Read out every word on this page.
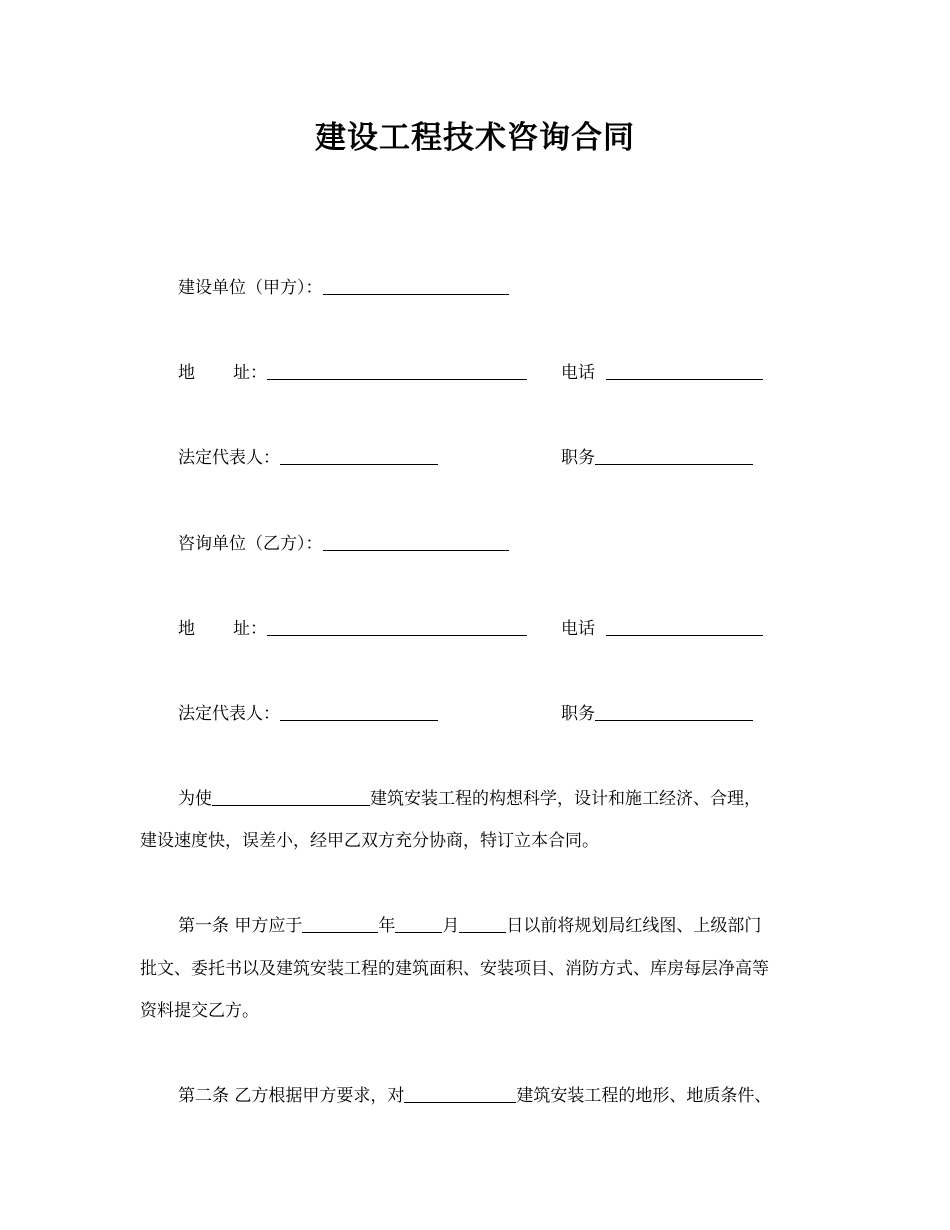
建设工程技术咨询合同
建设单位（甲方）：
地 址：	电话
法定代表人：	职务
咨询单位（乙方）：
地 址：	电话
法定代表人：	职务
为使	建筑安装工程的构想科学，设计和施工经济、合理，
建设速度快，误差小，经甲乙双方充分协商，特订立本合同。
第一条 甲方应于	年	月	日以前将规划局红线图、上级部门
批文、委托书以及建筑安装工程的建筑面积、安装项目、消防方式、库房每层净高等
资料提交乙方。
第二条 乙方根据甲方要求，对	建筑安装工程的地形、地质条件、
